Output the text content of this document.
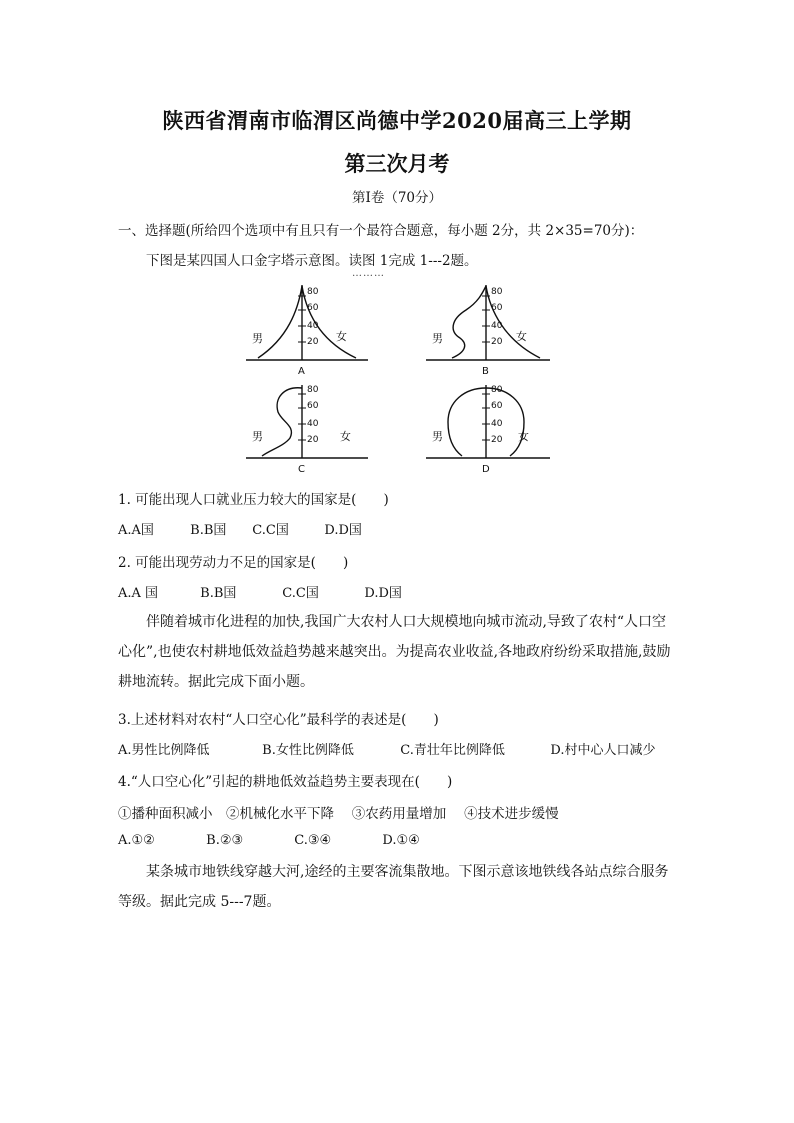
陕西省渭南市临渭区尚德中学2020届高三上学期
第三次月考
第Ⅰ卷（70分）
一、选择题(所给四个选项中有且只有一个最符合题意，每小题 2分，共 2×35=70分)：
下图是某四国人口金字塔示意图。读图 1完成 1---2题。
………
80
60
40
20
男	女
A
80
60
40
20
男	女
B
80
60
40
20
男	女
C
80
60
40
20
男	女
D
1. 可能出现人口就业压力较大的国家是(　　)
A.A国	B.B国 C.C国	D.D国
2. 可能出现劳动力不足的国家是(　　)
A.A 国	B.B国	C.C国	D.D国
伴随着城市化进程的加快,我国广大农村人口大规模地向城市流动,导致了农村“人口空心化”,也使农村耕地低效益趋势越来越突出。为提高农业收益,各地政府纷纷采取措施,鼓励耕地流转。据此完成下面小题。
3.上述材料对农村“人口空心化”最科学的表述是(　　)
A.男性比例降低	B.女性比例降低	C.青壮年比例降低	D.村中心人口减少
4.“人口空心化”引起的耕地低效益趋势主要表现在(　　)
①播种面积减小　②机械化水平下降　 ③农药用量增加　 ④技术进步缓慢
A.①②	B.②③	C.③④	D.①④
某条城市地铁线穿越大河,途经的主要客流集散地。下图示意该地铁线各站点综合服务等级。据此完成 5---7题。
